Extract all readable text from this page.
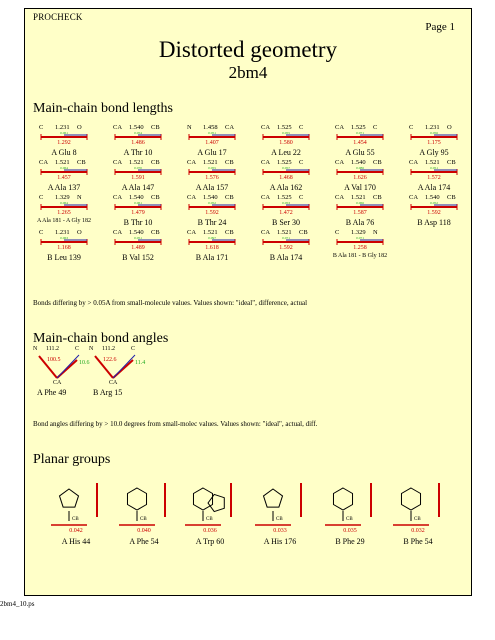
PROCHECK
Page 1
Distorted geometry
2bm4
Main-chain bond lengths
C 1.231 O
0.061
1.292
A Glu 8
CA 1.540 CB
0.054
1.486
A Thr 10
N 1.458 CA
0.051
1.407
A Glu 17
CA 1.525 C
0.055
1.580
A Leu 22
CA 1.525 C
0.071
1.454
A Glu 55
C 1.231 O
0.056
1.175
A Gly 95
CA 1.521 CB
0.064
1.457
A Ala 137
CA 1.521 CB
0.070
1.591
A Ala 147
CA 1.521 CB
0.055
1.576
A Ala 157
CA 1.525 C
0.057
1.468
A Ala 162
CA 1.540 CB
0.086
1.626
A Val 170
CA 1.521 CB
0.051
1.572
A Ala 174
C 1.329 N
0.064
1.265
A Ala 181 - A Gly 182
CA 1.540 CB
0.061
1.479
B Thr 10
CA 1.540 CB
0.052
1.592
B Thr 24
CA 1.525 C
0.053
1.472
B Ser 30
CA 1.521 CB
0.066
1.587
B Ala 76
CA 1.540 CB
0.052
1.592
B Asp 118
C 1.231 O
0.063
1.168
B Leu 139
CA 1.540 CB
0.051
1.489
B Val 152
CA 1.521 CB
0.097
1.618
B Ala 171
CA 1.521 CB
0.071
1.592
B Ala 174
C 1.329 N
0.071
1.258
B Ala 181 - B Gly 182
Bonds differing by > 0.05A from small-molecule values. Values shown: "ideal", difference, actual
Main-chain bond angles
N 111.2	C
100.5	10.6
CA
A Phe 49
N 111.2	C
122.6	11.4
CA
B Arg 15
Bond angles differing by > 10.0 degrees from small-molec values. Values shown: "ideal", actual, diff.
Planar groups
CB
0.042
A His 44
CB
0.040
A Phe 54
CB
0.036
A Trp 60
CB
0.033
A His 176
CB
0.035
B Phe 29
CB
0.032
B Phe 54
2bm4_10.ps
